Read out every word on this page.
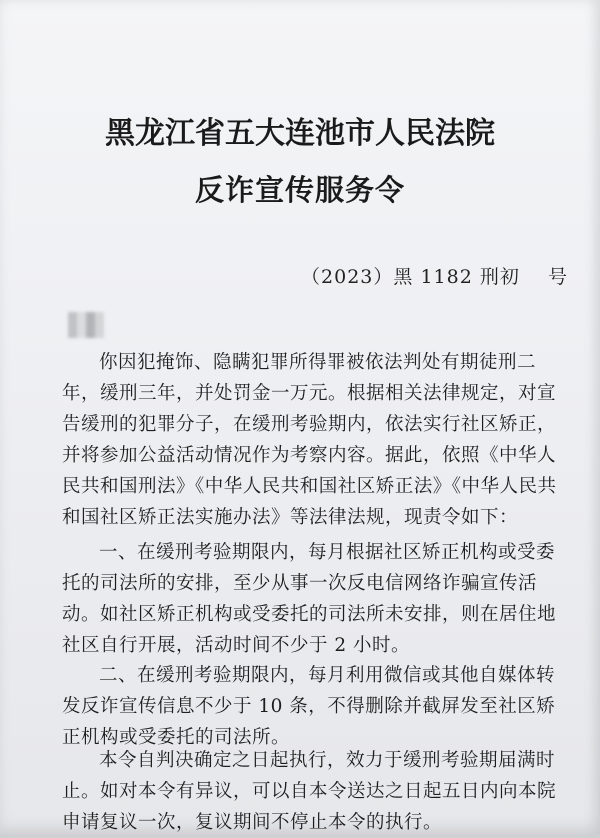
黑龙江省五大连池市人民法院
反诈宣传服务令
（2023）黑 1182 刑初    号
你因犯掩饰、隐瞒犯罪所得罪被依法判处有期徒刑二
年，缓刑三年，并处罚金一万元。根据相关法律规定，对宣
告缓刑的犯罪分子，在缓刑考验期内，依法实行社区矫正，
并将参加公益活动情况作为考察内容。据此，依照《中华人
民共和国刑法》《中华人民共和国社区矫正法》《中华人民共
和国社区矫正法实施办法》等法律法规，现责令如下：
一、在缓刑考验期限内，每月根据社区矫正机构或受委
托的司法所的安排，至少从事一次反电信网络诈骗宣传活
动。如社区矫正机构或受委托的司法所未安排，则在居住地
社区自行开展，活动时间不少于 2 小时。
二、在缓刑考验期限内，每月利用微信或其他自媒体转
发反诈宣传信息不少于 10 条，不得删除并截屏发至社区矫
正机构或受委托的司法所。
本令自判决确定之日起执行，效力于缓刑考验期届满时
止。如对本令有异议，可以自本令送达之日起五日内向本院
申请复议一次，复议期间不停止本令的执行。
